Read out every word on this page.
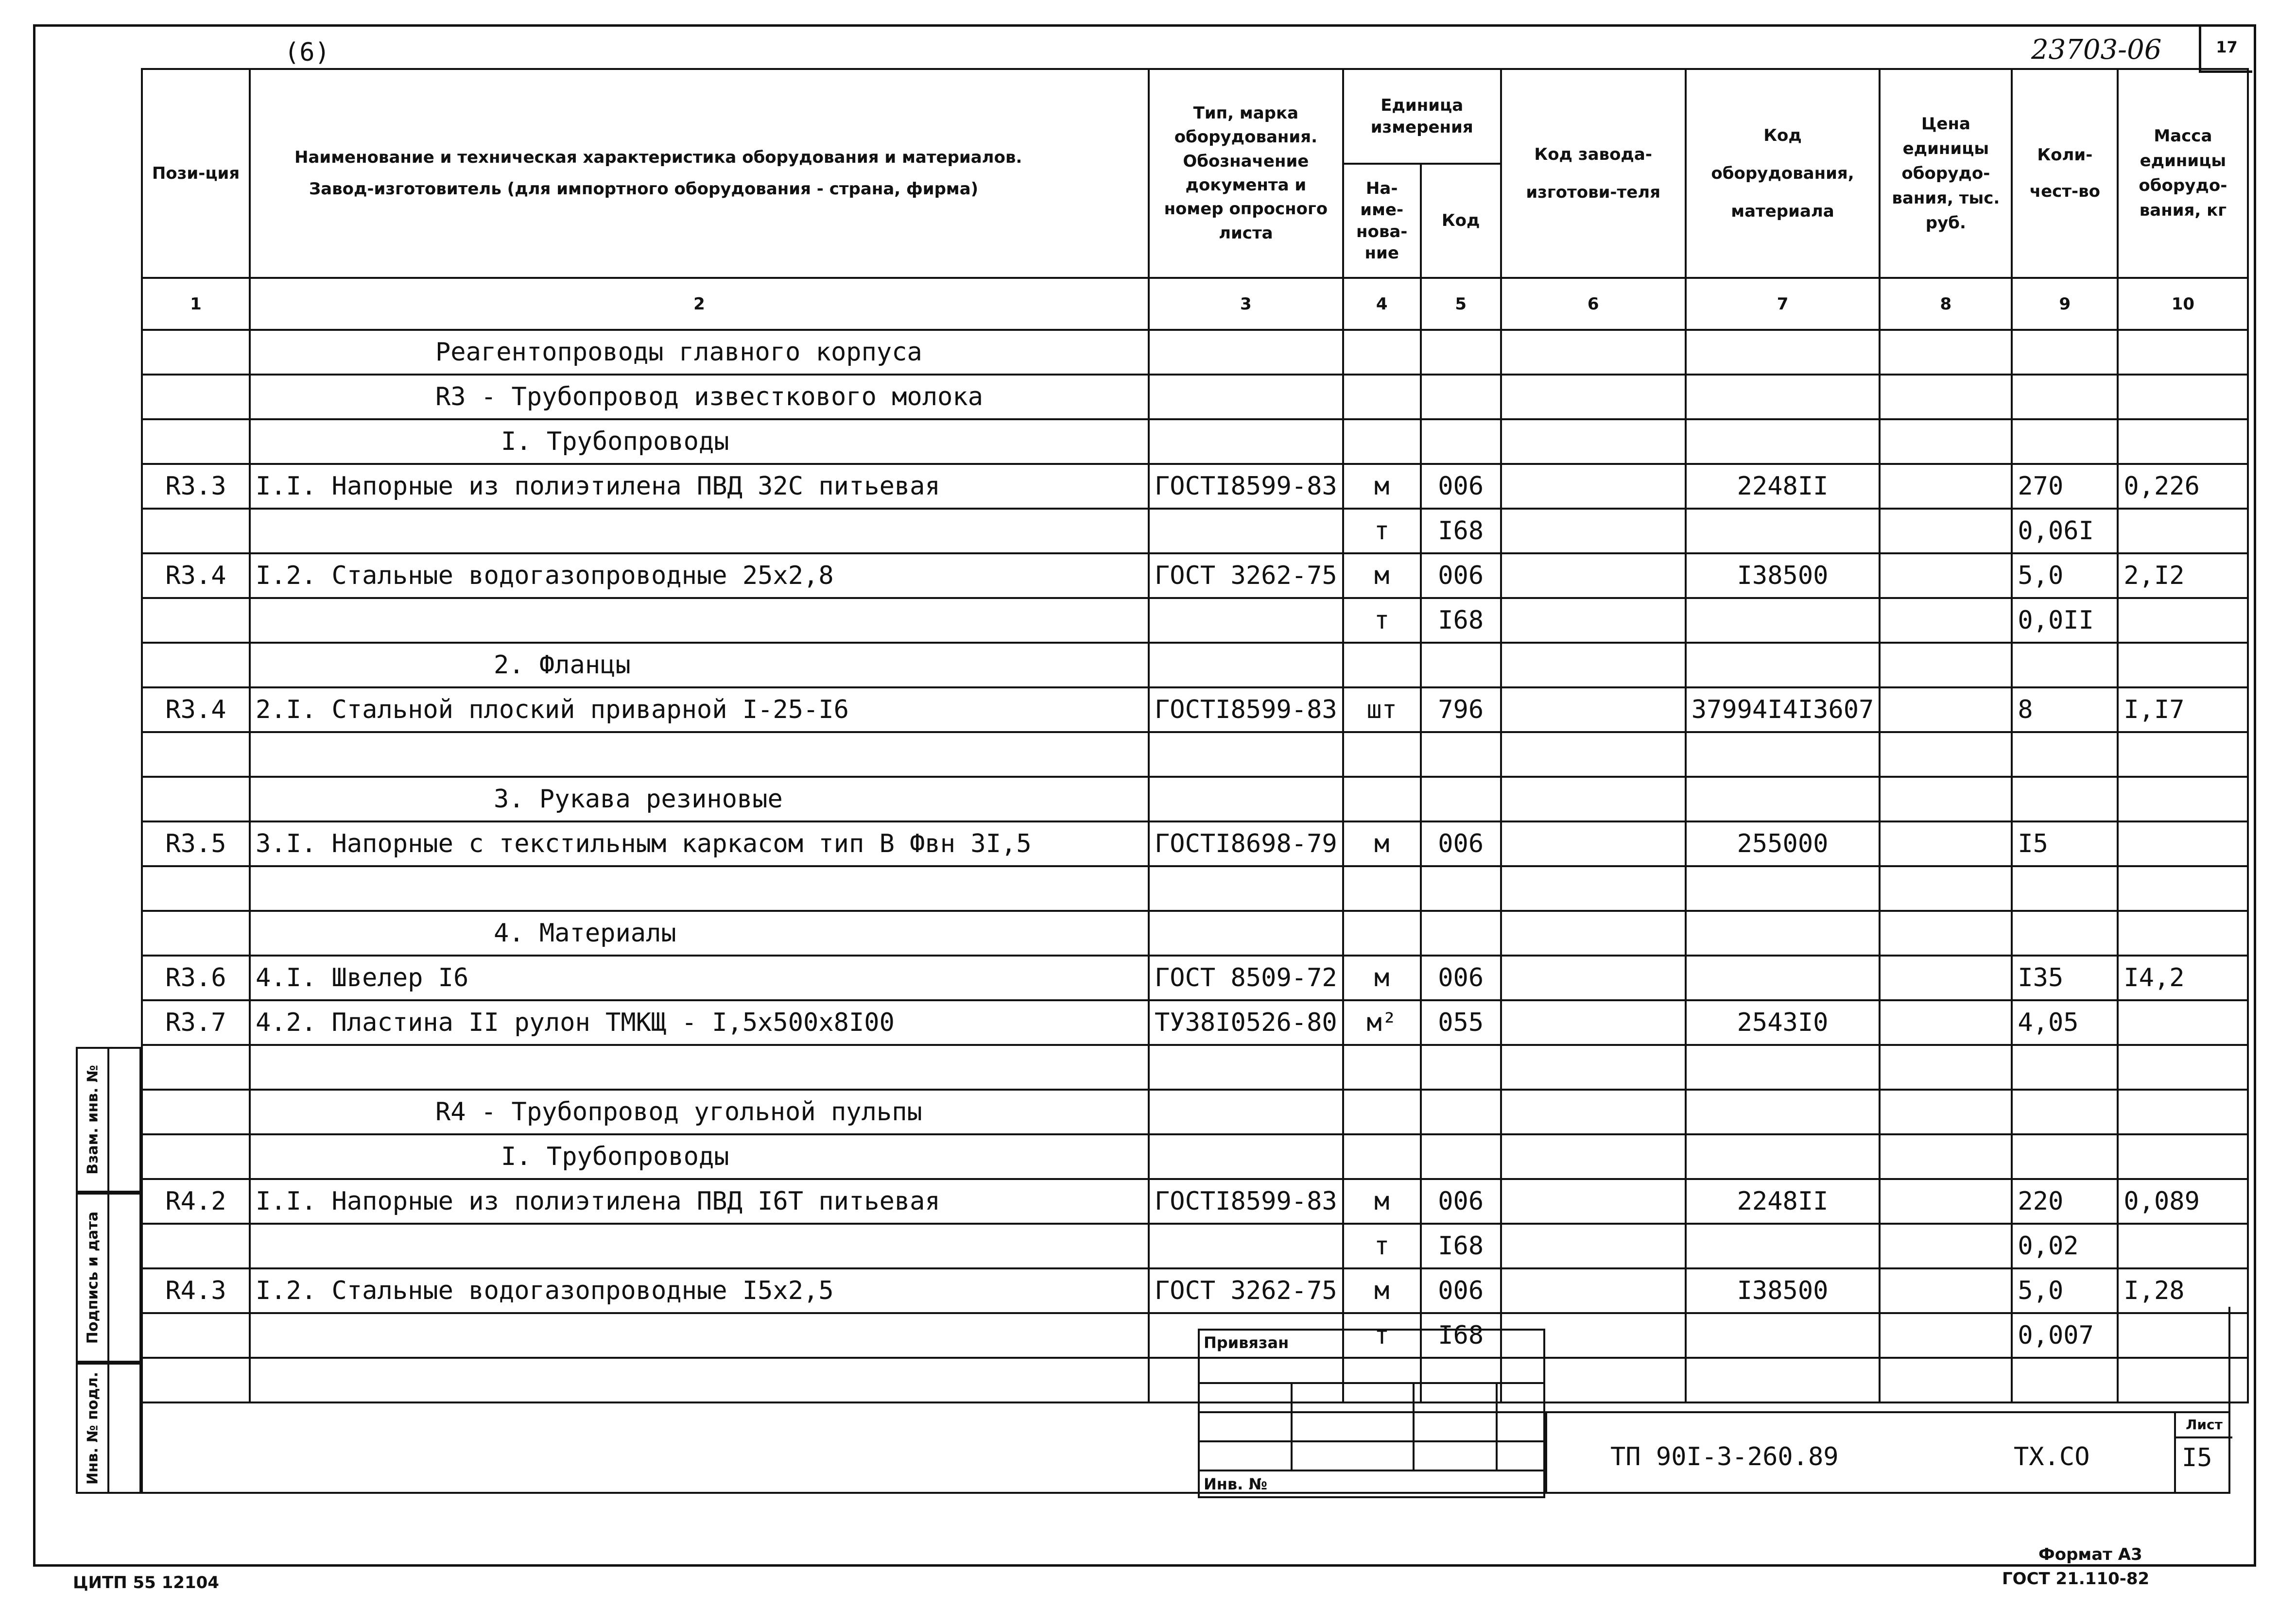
(6)	23703-06	17
Пози-ция	Наименование и техническая характеристика оборудования и материалов.
Завод-изготовитель (для импортного оборудования - страна, фирма)	Тип, марка оборудования. Обозначение документа и номер опросного листа	Единица измерения		Код завода-изготови-теля	Код оборудования, материала	Цена единицы оборудо-вания, тыс. руб.	Коли-чест-во	Масса единицы оборудо-вания, кг
			На-име-нова-ние	Код					
1	2	3	4	5	6	7	8	9	10
	Реагентопроводы главного корпуса								
	R3 - Трубопровод известкового молока								
	I. Трубопроводы								
R3.3	I.I. Напорные из полиэтилена ПВД 32С питьевая	ГОСТI8599-83	м	006		2248II		270	0,226
			т	I68				0,06I	
R3.4	I.2. Стальные водогазопроводные 25х2,8	ГОСТ 3262-75	м	006		I38500		5,0	2,I2
			т	I68				0,0II	
	2. Фланцы								
R3.4	2.I. Стальной плоский приварной I-25-I6	ГОСТI8599-83	шт	796		37994I4I3607		8	I,I7

	3. Рукава резиновые								
R3.5	3.I. Напорные с текстильным каркасом тип В Фвн 3I,5	ГОСТI8698-79	м	006		255000		I5	

	4. Материалы								
R3.6	4.I. Швелер I6	ГОСТ 8509-72	м	006				I35	I4,2
R3.7	4.2. Пластина II рулон ТМКЩ - I,5х500х8I00	ТУ38I0526-80	м²	055		2543I0		4,05	

	R4 - Трубопровод угольной пульпы								
	I. Трубопроводы								
R4.2	I.I. Напорные из полиэтилена ПВД I6Т питьевая	ГОСТI8599-83	м	006		2248II		220	0,089
			т	I68				0,02	
R4.3	I.2. Стальные водогазопроводные I5х2,5	ГОСТ 3262-75	м	006		I38500		5,0	I,28
			т	I68				0,007	

Взам. инв. №
Подпись и дата
Инв. № подл.
Привязан			

Инв. №			
ТП 90I-3-260.89	ТХ.СО
Лист
I5
Формат A3
ГОСТ 21.110-82
ЦИТП 55 12104
